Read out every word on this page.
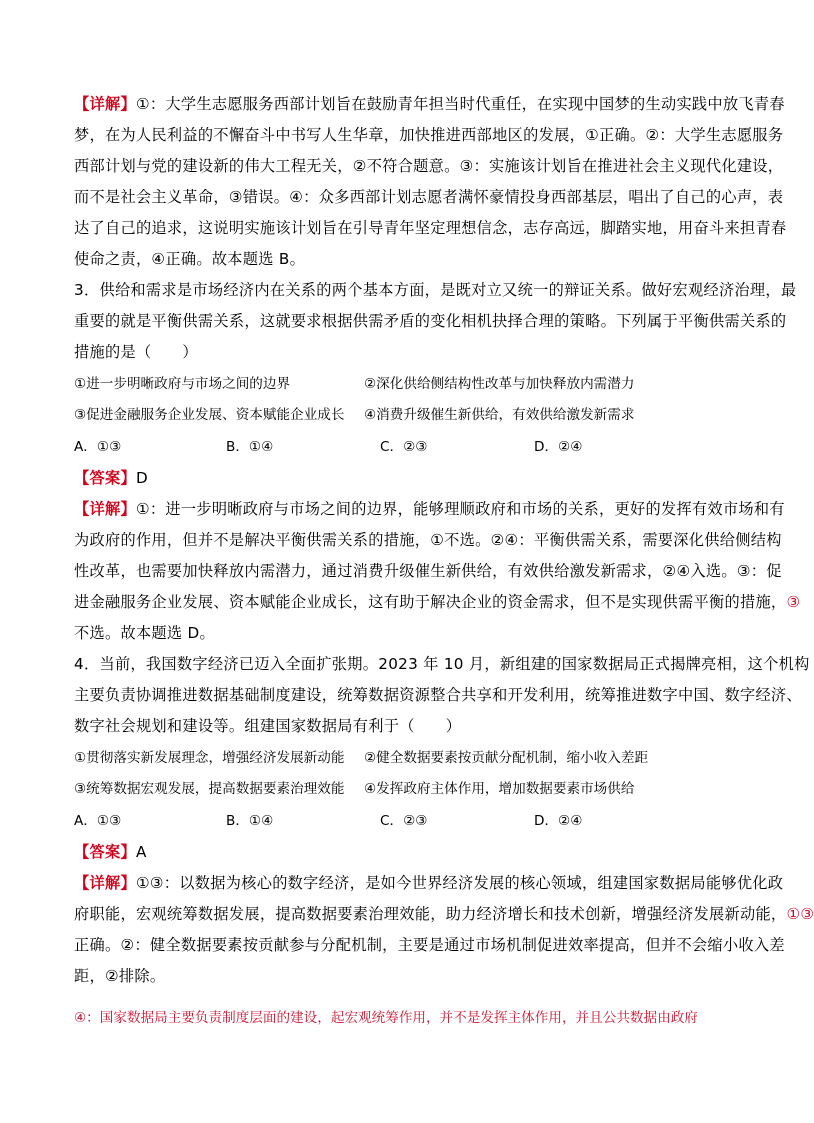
【详解】①：大学生志愿服务西部计划旨在鼓励青年担当时代重任，在实现中国梦的生动实践中放飞青春
梦，在为人民利益的不懈奋斗中书写人生华章，加快推进西部地区的发展，①正确。②：大学生志愿服务
西部计划与党的建设新的伟大工程无关，②不符合题意。③：实施该计划旨在推进社会主义现代化建设，
而不是社会主义革命，③错误。④：众多西部计划志愿者满怀豪情投身西部基层，唱出了自己的心声，表
达了自己的追求，这说明实施该计划旨在引导青年坚定理想信念，志存高远，脚踏实地，用奋斗来担青春
使命之责，④正确。故本题选 B。
3．供给和需求是市场经济内在关系的两个基本方面，是既对立又统一的辩证关系。做好宏观经济治理，最
重要的就是平衡供需关系，这就要求根据供需矛盾的变化相机抉择合理的策略。下列属于平衡供需关系的
措施的是（　　）
①进一步明晰政府与市场之间的边界	②深化供给侧结构性改革与加快释放内需潜力
③促进金融服务企业发展、资本赋能企业成长 ④消费升级催生新供给，有效供给激发新需求
A．①③	B．①④	C．②③	D．②④
【答案】D
【详解】①：进一步明晰政府与市场之间的边界，能够理顺政府和市场的关系，更好的发挥有效市场和有
为政府的作用，但并不是解决平衡供需关系的措施，①不选。②④：平衡供需关系，需要深化供给侧结构
性改革，也需要加快释放内需潜力，通过消费升级催生新供给，有效供给激发新需求，②④入选。③：促
进金融服务企业发展、资本赋能企业成长，这有助于解决企业的资金需求，但不是实现供需平衡的措施，③
不选。故本题选 D。
4．当前，我国数字经济已迈入全面扩张期。2023 年 10 月，新组建的国家数据局正式揭牌亮相，这个机构
主要负责协调推进数据基础制度建设，统筹数据资源整合共享和开发利用，统筹推进数字中国、数字经济、
数字社会规划和建设等。组建国家数据局有利于（　　）
①贯彻落实新发展理念，增强经济发展新动能 ②健全数据要素按贡献分配机制，缩小收入差距
③统筹数据宏观发展，提高数据要素治理效能 ④发挥政府主体作用，增加数据要素市场供给
A．①③	B．①④	C．②③	D．②④
【答案】A
【详解】①③：以数据为核心的数字经济，是如今世界经济发展的核心领域，组建国家数据局能够优化政
府职能，宏观统筹数据发展，提高数据要素治理效能，助力经济增长和技术创新，增强经济发展新动能，①③
正确。②：健全数据要素按贡献参与分配机制，主要是通过市场机制促进效率提高，但并不会缩小收入差
距，②排除。
④：国家数据局主要负责制度层面的建设，起宏观统筹作用，并不是发挥主体作用，并且公共数据由政府
